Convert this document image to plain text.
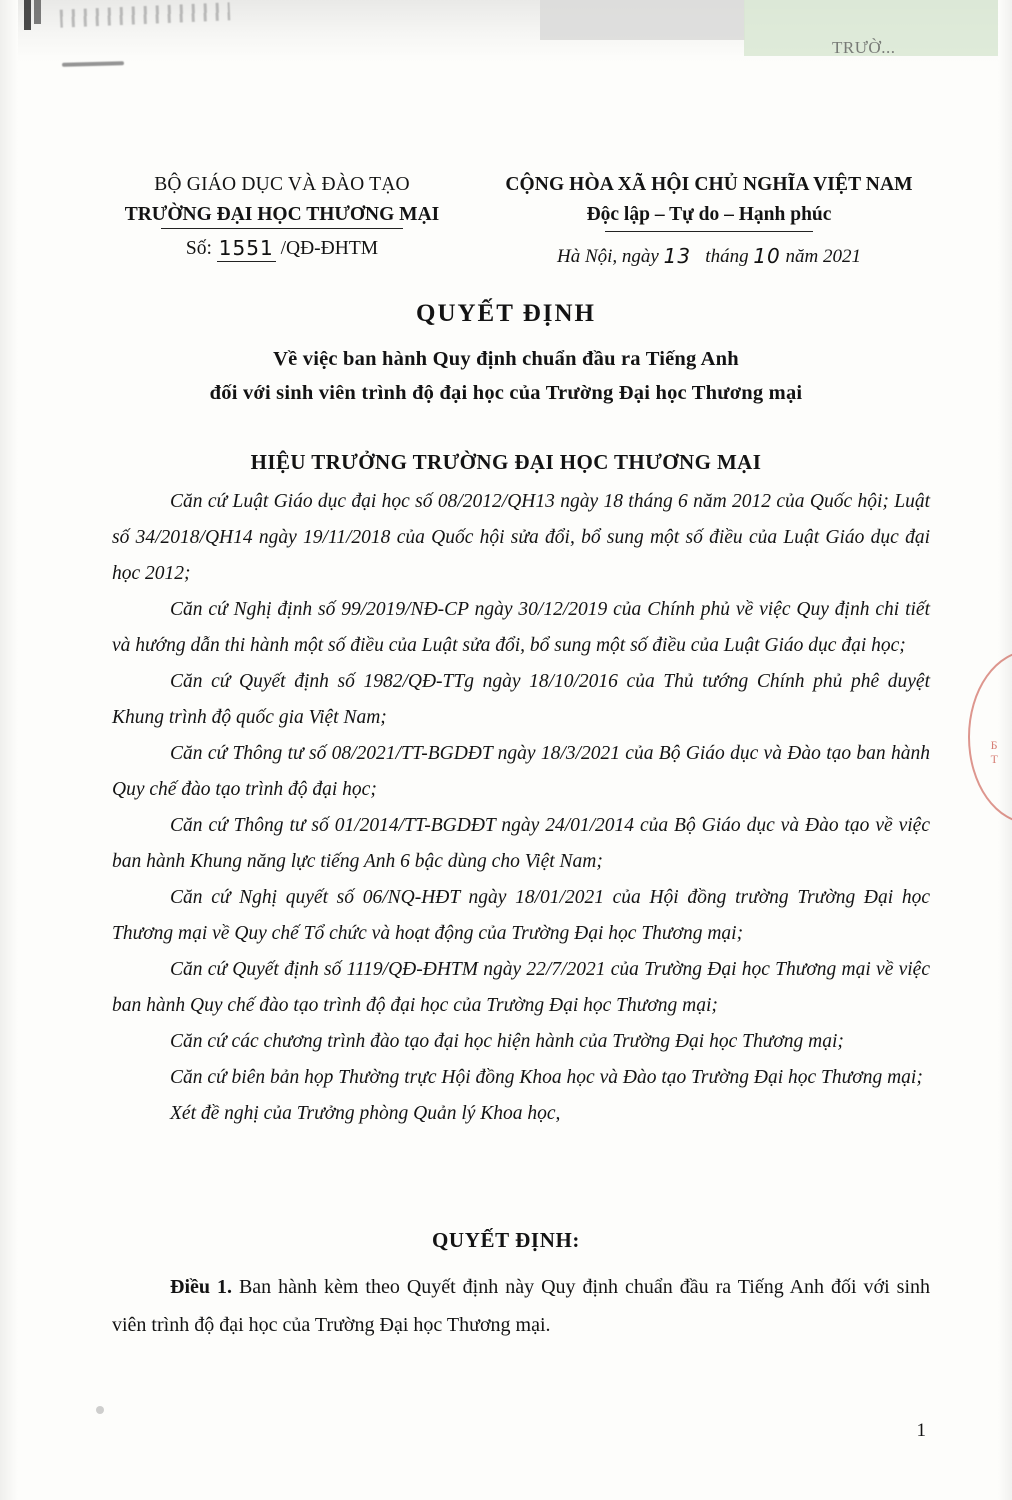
TRƯỜ...
Б
T
BỘ GIÁO DỤC VÀ ĐÀO TẠO
TRƯỜNG ĐẠI HỌC THƯƠNG MẠI
Số: 1551 /QĐ-ĐHTM
CỘNG HÒA XÃ HỘI CHỦ NGHĨA VIỆT NAM
Độc lập – Tự do – Hạnh phúc
Hà Nội, ngày 13 tháng 10 năm 2021
QUYẾT ĐỊNH
Về việc ban hành Quy định chuẩn đầu ra Tiếng Anh
đối với sinh viên trình độ đại học của Trường Đại học Thương mại
HIỆU TRƯỞNG TRƯỜNG ĐẠI HỌC THƯƠNG MẠI

Căn cứ Luật Giáo dục đại học số 08/2012/QH13 ngày 18 tháng 6 năm 2012 của Quốc hội; Luật số 34/2018/QH14 ngày 19/11/2018 của Quốc hội sửa đổi, bổ sung một số điều của Luật Giáo dục đại học 2012;

Căn cứ Nghị định số 99/2019/NĐ-CP ngày 30/12/2019 của Chính phủ về việc Quy định chi tiết và hướng dẫn thi hành một số điều của Luật sửa đổi, bổ sung một số điều của Luật Giáo dục đại học;

Căn cứ Quyết định số 1982/QĐ-TTg ngày 18/10/2016 của Thủ tướng Chính phủ phê duyệt Khung trình độ quốc gia Việt Nam;

Căn cứ Thông tư số 08/2021/TT-BGDĐT ngày 18/3/2021 của Bộ Giáo dục và Đào tạo ban hành Quy chế đào tạo trình độ đại học;

Căn cứ Thông tư số 01/2014/TT-BGDĐT ngày 24/01/2014 của Bộ Giáo dục và Đào tạo về việc ban hành Khung năng lực tiếng Anh 6 bậc dùng cho Việt Nam;

Căn cứ Nghị quyết số 06/NQ-HĐT ngày 18/01/2021 của Hội đồng trường Trường Đại học Thương mại về Quy chế Tổ chức và hoạt động của Trường Đại học Thương mại;

Căn cứ Quyết định số 1119/QĐ-ĐHTM ngày 22/7/2021 của Trường Đại học Thương mại về việc ban hành Quy chế đào tạo trình độ đại học của Trường Đại học Thương mại;

Căn cứ các chương trình đào tạo đại học hiện hành của Trường Đại học Thương mại;

Căn cứ biên bản họp Thường trực Hội đồng Khoa học và Đào tạo Trường Đại học Thương mại;

Xét đề nghị của Trưởng phòng Quản lý Khoa học,

QUYẾT ĐỊNH:

Điều 1. Ban hành kèm theo Quyết định này Quy định chuẩn đầu ra Tiếng Anh đối với sinh viên trình độ đại học của Trường Đại học Thương mại.

1
